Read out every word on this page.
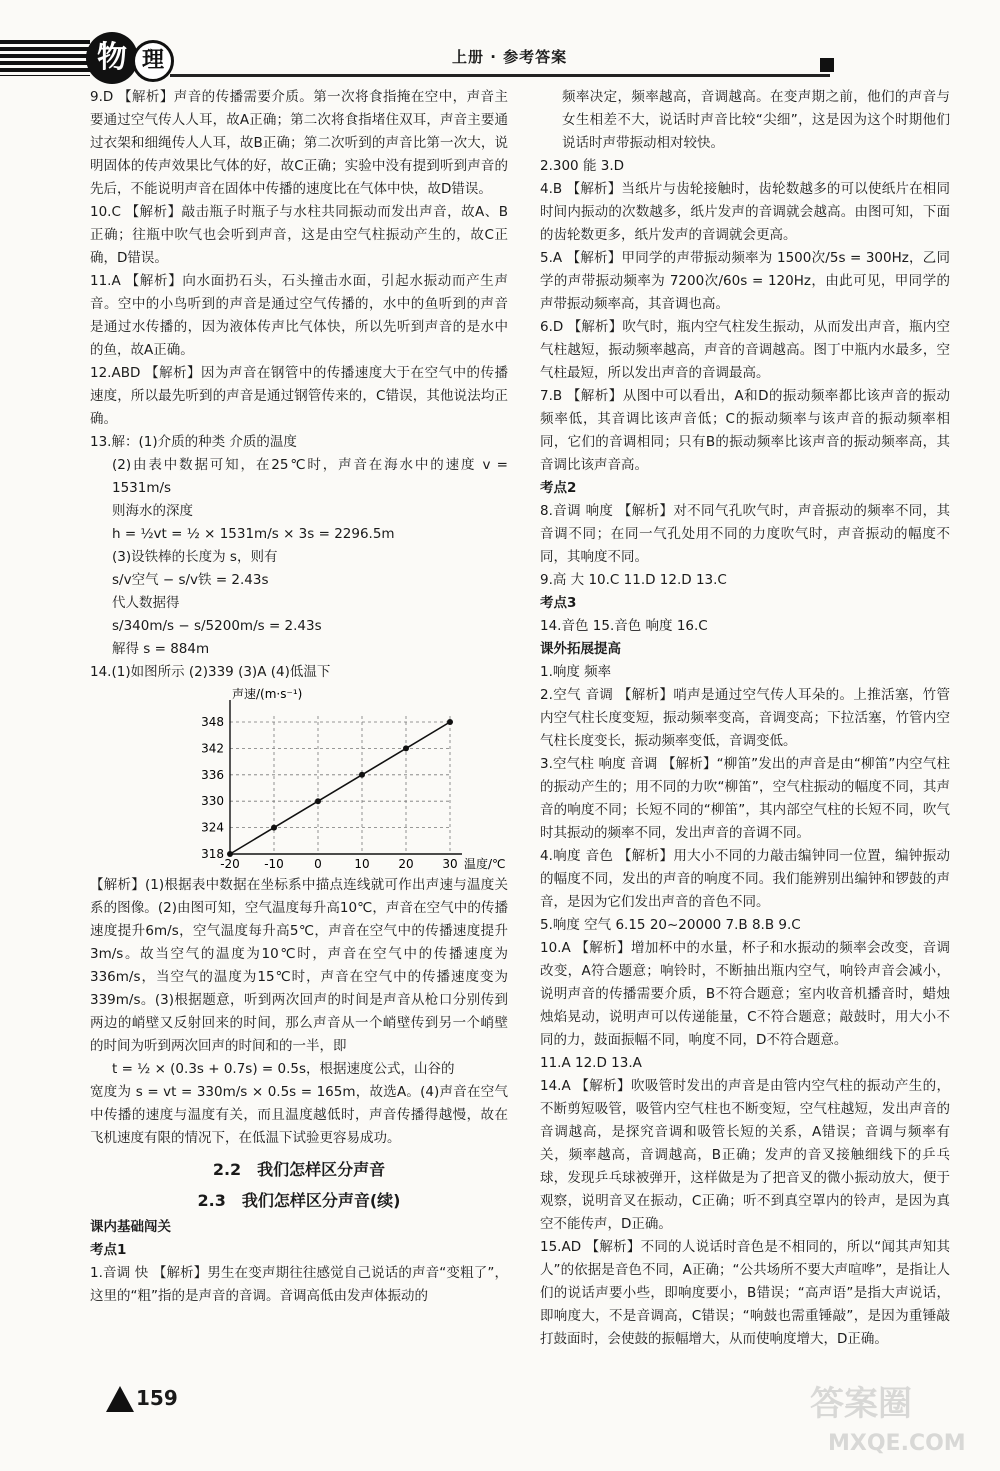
物 理	上册 · 参考答案

9.D 【解析】声音的传播需要介质。第一次将食指掩在空中，声音主要通过空气传人人耳，故A正确；第二次将食指堵住双耳，声音主要通过衣架和细绳传人人耳，故B正确；第二次听到的声音比第一次大，说明固体的传声效果比气体的好，故C正确；实验中没有提到听到声音的先后，不能说明声音在固体中传播的速度比在气体中快，故D错误。

10.C 【解析】敲击瓶子时瓶子与水柱共同振动而发出声音，故A、B正确；往瓶中吹气也会听到声音，这是由空气柱振动产生的，故C正确，D错误。

11.A 【解析】向水面扔石头，石头撞击水面，引起水振动而产生声音。空中的小鸟听到的声音是通过空气传播的，水中的鱼听到的声音是通过水传播的，因为液体传声比气体快，所以先听到声音的是水中的鱼，故A正确。

12.ABD 【解析】因为声音在钢管中的传播速度大于在空气中的传播速度，所以最先听到的声音是通过钢管传来的，C错误，其他说法均正确。

13.解：(1)介质的种类 介质的温度

(2)由表中数据可知，在25℃时，声音在海水中的速度 v = 1531m/s

则海水的深度

h = ½vt = ½ × 1531m/s × 3s = 2296.5m

(3)设铁棒的长度为 s，则有

s/v空气 − s/v铁 = 2.43s

代人数据得

s/340m/s − s/5200m/s = 2.43s

解得 s = 884m

14.(1)如图所示 (2)339 (3)A (4)低温下

318
324
330
336
342
348
-20 -10	0	10 20 30 温度/℃
声速/(m·s⁻¹)

【解析】(1)根据表中数据在坐标系中描点连线就可作出声速与温度关系的图像。(2)由图可知，空气温度每升高10℃，声音在空气中的传播速度提升6m/s，空气温度每升高5℃，声音在空气中的传播速度提升3m/s。故当空气的温度为10℃时，声音在空气中的传播速度为336m/s，当空气的温度为15℃时，声音在空气中的传播速度变为339m/s。(3)根据题意，听到两次回声的时间是声音从枪口分别传到两边的峭壁又反射回来的时间，那么声音从一个峭壁传到另一个峭壁的时间为听到两次回声的时间和的一半，即

t = ½ × (0.3s + 0.7s) = 0.5s，根据速度公式，山谷的

宽度为 s = vt = 330m/s × 0.5s = 165m，故选A。(4)声音在空气中传播的速度与温度有关，而且温度越低时，声音传播得越慢，故在飞机速度有限的情况下，在低温下试验更容易成功。

2.2　我们怎样区分声音
2.3　我们怎样区分声音(续)

课内基础闯关

考点1

1.音调 快 【解析】男生在变声期往往感觉自己说话的声音“变粗了”，这里的“粗”指的是声音的音调。音调高低由发声体振动的

频率决定，频率越高，音调越高。在变声期之前，他们的声音与女生相差不大，说话时声音比较“尖细”，这是因为这个时期他们说话时声带振动相对较快。

2.300 能 3.D

4.B 【解析】当纸片与齿轮接触时，齿轮数越多的可以使纸片在相同时间内振动的次数越多，纸片发声的音调就会越高。由图可知，下面的齿轮数更多，纸片发声的音调就会更高。

5.A 【解析】甲同学的声带振动频率为 1500次/5s = 300Hz，乙同学的声带振动频率为 7200次/60s = 120Hz，由此可见，甲同学的声带振动频率高，其音调也高。

6.D 【解析】吹气时，瓶内空气柱发生振动，从而发出声音，瓶内空气柱越短，振动频率越高，声音的音调越高。图丁中瓶内水最多，空气柱最短，所以发出声音的音调最高。

7.B 【解析】从图中可以看出，A和D的振动频率都比该声音的振动频率低，其音调比该声音低；C的振动频率与该声音的振动频率相同，它们的音调相同；只有B的振动频率比该声音的振动频率高，其音调比该声音高。

考点2

8.音调 响度 【解析】对不同气孔吹气时，声音振动的频率不同，其音调不同；在同一气孔处用不同的力度吹气时，声音振动的幅度不同，其响度不同。

9.高 大 10.C 11.D 12.D 13.C

考点3

14.音色 15.音色 响度 16.C

课外拓展提高

1.响度 频率

2.空气 音调 【解析】哨声是通过空气传人耳朵的。上推活塞，竹管内空气柱长度变短，振动频率变高，音调变高；下拉活塞，竹管内空气柱长度变长，振动频率变低，音调变低。

3.空气柱 响度 音调 【解析】“柳笛”发出的声音是由“柳笛”内空气柱的振动产生的；用不同的力吹“柳笛”，空气柱振动的幅度不同，其声音的响度不同；长短不同的“柳笛”，其内部空气柱的长短不同，吹气时其振动的频率不同，发出声音的音调不同。

4.响度 音色 【解析】用大小不同的力敲击编钟同一位置，编钟振动的幅度不同，发出的声音的响度不同。我们能辨别出编钟和锣鼓的声音，是因为它们发出声音的音色不同。

5.响度 空气 6.15 20~20000 7.B 8.B 9.C

10.A 【解析】增加杯中的水量，杯子和水振动的频率会改变，音调改变，A符合题意；响铃时，不断抽出瓶内空气，响铃声音会减小，说明声音的传播需要介质，B不符合题意；室内收音机播音时，蜡烛烛焰晃动，说明声可以传递能量，C不符合题意；敲鼓时，用大小不同的力，鼓面振幅不同，响度不同，D不符合题意。

11.A 12.D 13.A

14.A 【解析】吹吸管时发出的声音是由管内空气柱的振动产生的，不断剪短吸管，吸管内空气柱也不断变短，空气柱越短，发出声音的音调越高，是探究音调和吸管长短的关系，A错误；音调与频率有关，频率越高，音调越高，B正确；发声的音叉接触细线下的乒乓球，发现乒乓球被弹开，这样做是为了把音叉的微小振动放大，便于观察，说明音叉在振动，C正确；听不到真空罩内的铃声，是因为真空不能传声，D正确。

15.AD 【解析】不同的人说话时音色是不相同的，所以“闻其声知其人”的依据是音色不同，A正确；“公共场所不要大声喧哗”，是指让人们的说话声要小些，即响度要小，B错误；“高声语”是指大声说话，即响度大，不是音调高，C错误；“响鼓也需重锤敲”，是因为重锤敲打鼓面时，会使鼓的振幅增大，从而使响度增大，D正确。

159	答案圈
MXQE.COM
